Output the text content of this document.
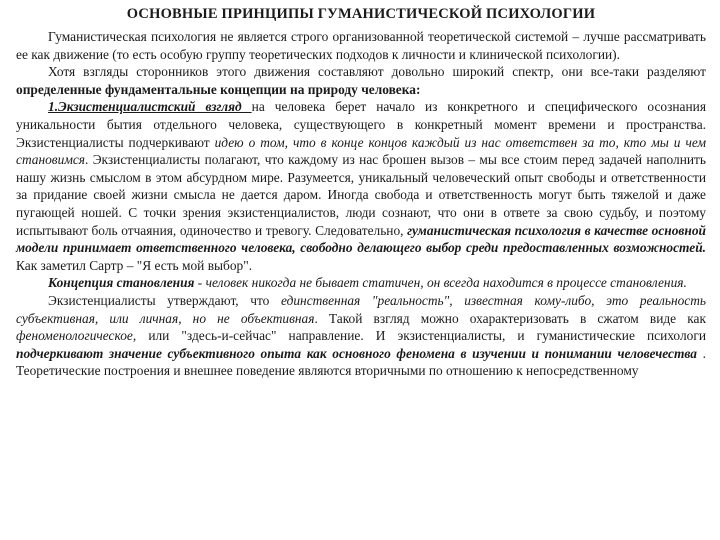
ОСНОВНЫЕ ПРИНЦИПЫ ГУМАНИСТИЧЕСКОЙ ПСИХОЛОГИИ

Гуманистическая психология не является строго организованной теоретической системой – лучше рассматривать ее как движение (то есть особую группу теоретических подходов к личности и клинической психологии).

Хотя взгляды сторонников этого движения составляют довольно широкий спектр, они все-таки разделяют определенные фундаментальные концепции на природу человека:

1.Экзистенциалистский взгляд на человека берет начало из конкретного и специфического осознания уникальности бытия отдельного человека, существующего в конкретный момент времени и пространства. Экзистенциалисты подчеркивают идею о том, что в конце концов каждый из нас ответствен за то, кто мы и чем становимся. Экзистенциалисты полагают, что каждому из нас брошен вызов – мы все стоим перед задачей наполнить нашу жизнь смыслом в этом абсурдном мире. Разумеется, уникальный человеческий опыт свободы и ответственности за придание своей жизни смысла не дается даром. Иногда свобода и ответственность могут быть тяжелой и даже пугающей ношей. С точки зрения экзистенциалистов, люди сознают, что они в ответе за свою судьбу, и поэтому испытывают боль отчаяния, одиночество и тревогу. Следовательно, гуманистическая психология в качестве основной модели принимает ответственного человека, свободно делающего выбор среди предоставленных возможностей. Как заметил Сартр – "Я есть мой выбор".

Концепция становления - человек никогда не бывает статичен, он всегда находится в процессе становления.

Экзистенциалисты утверждают, что единственная "реальность", известная кому-либо, это реальность субъективная, или личная, но не объективная. Такой взгляд можно охарактеризовать в сжатом виде как феноменологическое, или "здесь-и-сейчас" направление. И экзистенциалисты, и гуманистические психологи подчеркивают значение субъективного опыта как основного феномена в изучении и понимании человечества . Теоретические построения и внешнее поведение являются вторичными по отношению к непосредственному
